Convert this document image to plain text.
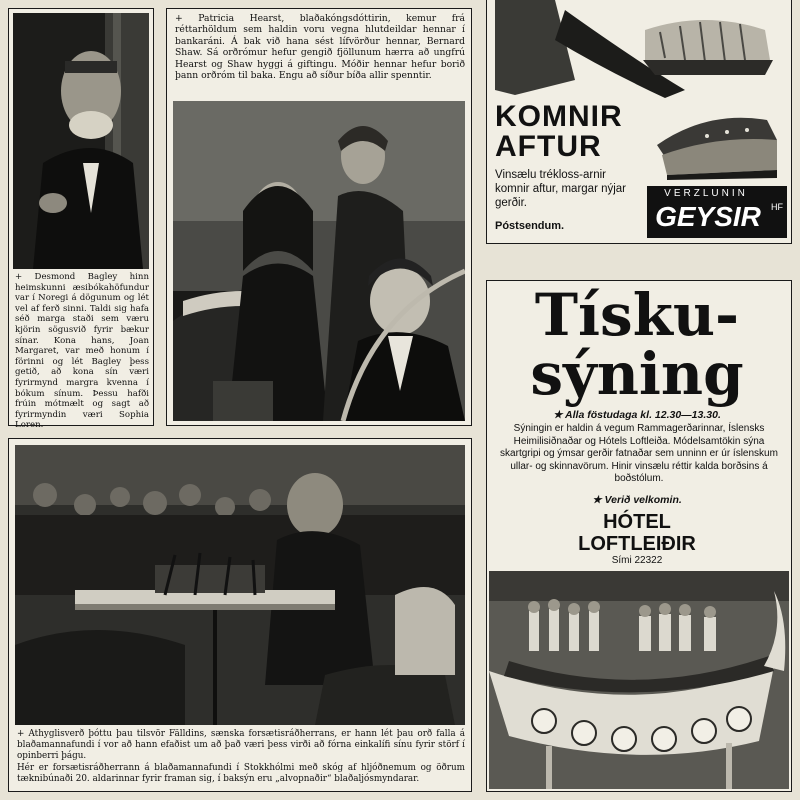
+ Desmond Bagley hinn heimskunni æsibókahöfundur var í Noregi á dögunum og lét vel af ferð sinni. Taldi sig hafa séð marga staði sem væru kjörin sögusvið fyrir bækur sínar. Kona hans, Joan Margaret, var með honum í förinni og lét Bagley þess getið, að kona sín væri fyrirmynd margra kvenna í bókum sínum. Þessu hafði frúin mótmælt og sagt að fyrirmyndin væri Sophia Loren.
+ Patricia Hearst, blaðakóngsdóttirin, kemur frá réttarhöldum sem haldin voru vegna hlutdeildar hennar í bankaráni. Á bak við hana sést lífvörður hennar, Bernard Shaw. Sá orðrómur hefur gengið fjöllunum hærra að ungfrú Hearst og Shaw hyggi á giftingu. Móðir hennar hefur borið þann orðróm til baka. Engu að síður bíða allir spenntir.
+ Athyglisverð þóttu þau tilsvör Fälldins, sænska forsætisráðherrans, er hann lét þau orð falla á blaðamannafundi í vor að hann efaðist um að það væri þess virði að fórna einkalífi sínu fyrir störf í opinberri þágu.
Hér er forsætisráðherrann á blaðamannafundi í Stokkhólmi með skóg af hljóðnemum og öðrum tæknibúnaði 20. aldarinnar fyrir framan sig, í baksýn eru „alvopnaðir“ blaðaljósmyndarar.
KOMNIR
AFTUR
Vinsælu trékloss-arnir komnir aftur, margar nýjar gerðir.
Póstsendum.
VERZLUNIN
GEYSIR	HF
Tísku-
sýning
★ Alla föstudaga kl. 12.30—13.30.
Sýningin er haldin á vegum Rammagerðarinnar, Íslensks Heimilisiðnaðar og Hótels Loftleiða. Módelsamtökin sýna skartgripi og ýmsar gerðir fatnaðar sem unninn er úr íslenskum ullar- og skinnavörum. Hinir vinsælu réttir kalda borðsins á boðstólum.
★ Verið velkomin.
HÓTEL
LOFTLEIÐIR
Sími 22322
